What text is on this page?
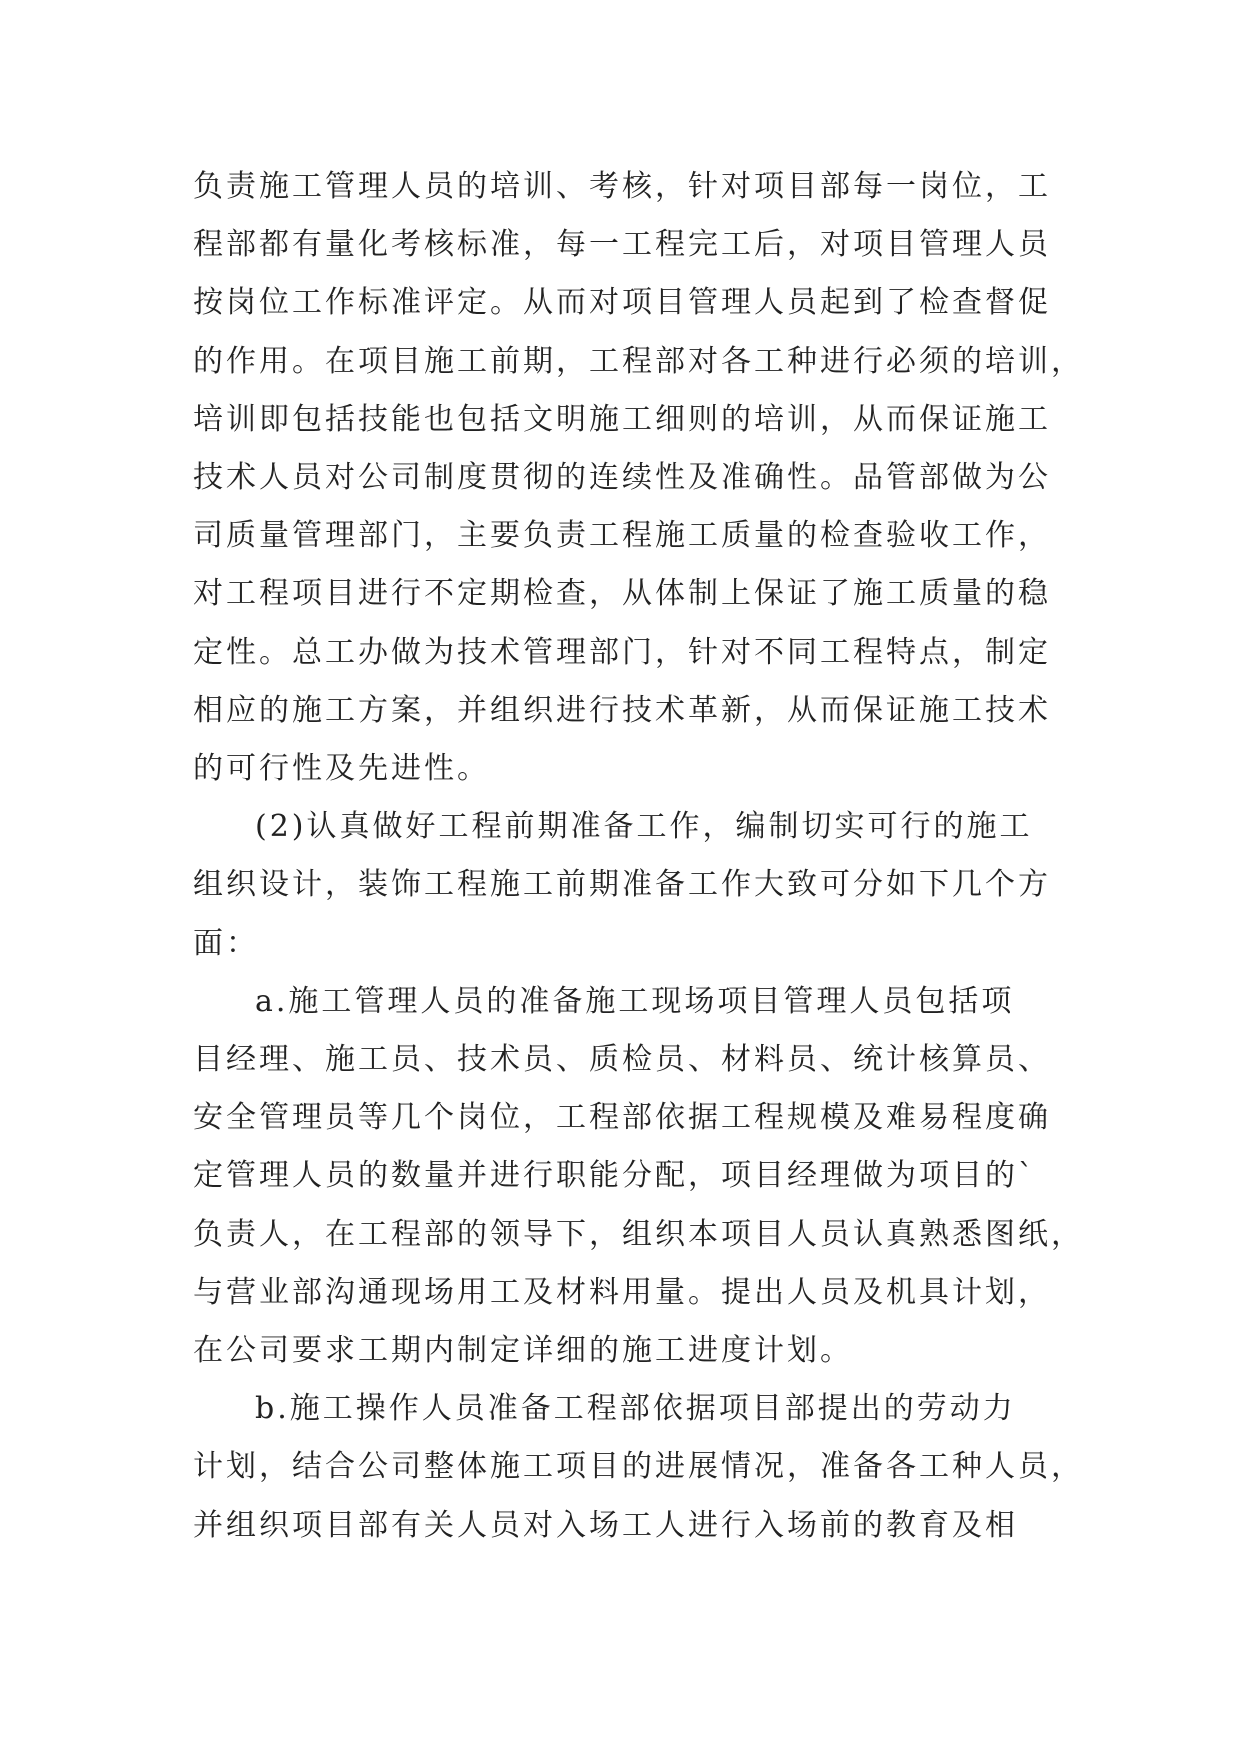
负责施工管理人员的培训、考核，针对项目部每一岗位，工
程部都有量化考核标准，每一工程完工后，对项目管理人员
按岗位工作标准评定。从而对项目管理人员起到了检查督促
的作用。在项目施工前期，工程部对各工种进行必须的培训，
培训即包括技能也包括文明施工细则的培训，从而保证施工
技术人员对公司制度贯彻的连续性及准确性。品管部做为公
司质量管理部门，主要负责工程施工质量的检查验收工作，
对工程项目进行不定期检查，从体制上保证了施工质量的稳
定性。总工办做为技术管理部门，针对不同工程特点，制定
相应的施工方案，并组织进行技术革新，从而保证施工技术
的可行性及先进性。
(2)认真做好工程前期准备工作，编制切实可行的施工
组织设计，装饰工程施工前期准备工作大致可分如下几个方
面：
a.施工管理人员的准备施工现场项目管理人员包括项
目经理、施工员、技术员、质检员、材料员、统计核算员、
安全管理员等几个岗位，工程部依据工程规模及难易程度确
定管理人员的数量并进行职能分配，项目经理做为项目的`
负责人，在工程部的领导下，组织本项目人员认真熟悉图纸，
与营业部沟通现场用工及材料用量。提出人员及机具计划，
在公司要求工期内制定详细的施工进度计划。
b.施工操作人员准备工程部依据项目部提出的劳动力
计划，结合公司整体施工项目的进展情况，准备各工种人员，
并组织项目部有关人员对入场工人进行入场前的教育及相
